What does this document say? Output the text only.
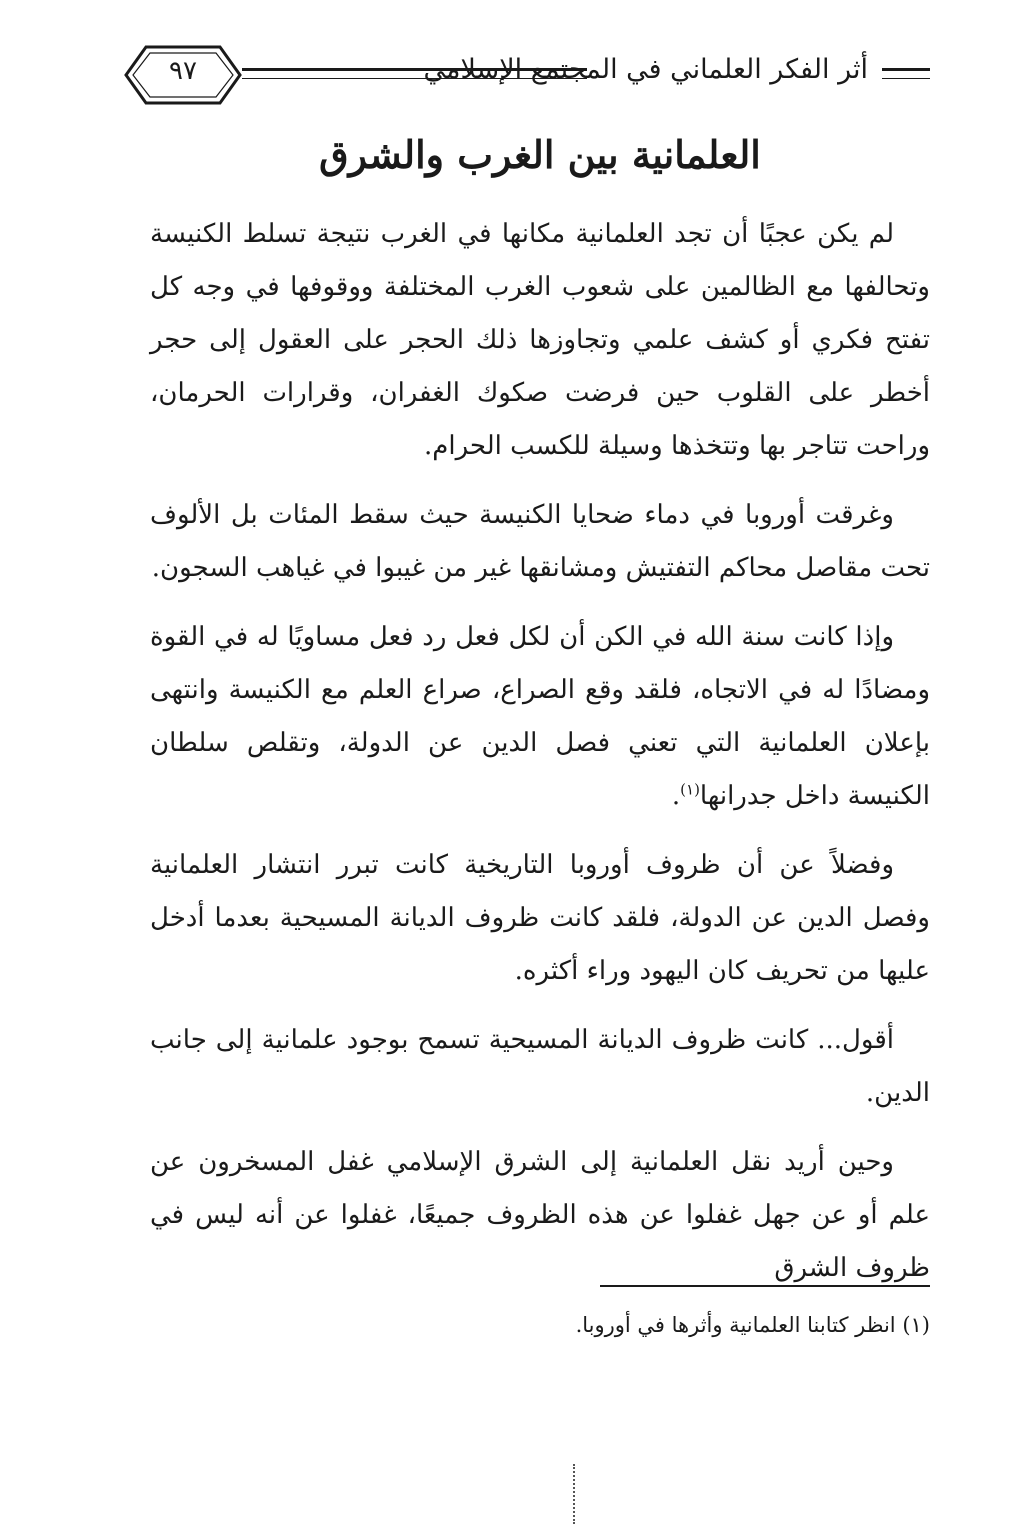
أثر الفكر العلماني في المجتمع الإسلامي
٩٧
العلمانية بين الغرب والشرق

لم يكن عجبًا أن تجد العلمانية مكانها في الغرب نتيجة تسلط الكنيسة وتحالفها مع الظالمين على شعوب الغرب المختلفة ووقوفها في وجه كل تفتح فكري أو كشف علمي وتجاوزها ذلك الحجر على العقول إلى حجر أخطر على القلوب حين فرضت صكوك الغفران، وقرارات الحرمان، وراحت تتاجر بها وتتخذها وسيلة للكسب الحرام.

وغرقت أوروبا في دماء ضحايا الكنيسة حيث سقط المئات بل الألوف تحت مقاصل محاكم التفتيش ومشانقها غير من غيبوا في غياهب السجون.

وإذا كانت سنة الله في الكن أن لكل فعل رد فعل مساويًا له في القوة ومضادًا له في الاتجاه، فلقد وقع الصراع، صراع العلم مع الكنيسة وانتهى بإعلان العلمانية التي تعني فصل الدين عن الدولة، وتقلص سلطان الكنيسة داخل جدرانها$^{(١)}$.

وفضلاً عن أن ظروف أوروبا التاريخية كانت تبرر انتشار العلمانية وفصل الدين عن الدولة، فلقد كانت ظروف الديانة المسيحية بعدما أدخل عليها من تحريف كان اليهود وراء أكثره.

أقول... كانت ظروف الديانة المسيحية تسمح بوجود علمانية إلى جانب الدين.

وحين أريد نقل العلمانية إلى الشرق الإسلامي غفل المسخرون عن علم أو عن جهل غفلوا عن هذه الظروف جميعًا، غفلوا عن أنه ليس في ظروف الشرق

(١) انظر كتابنا العلمانية وأثرها في أوروبا.
